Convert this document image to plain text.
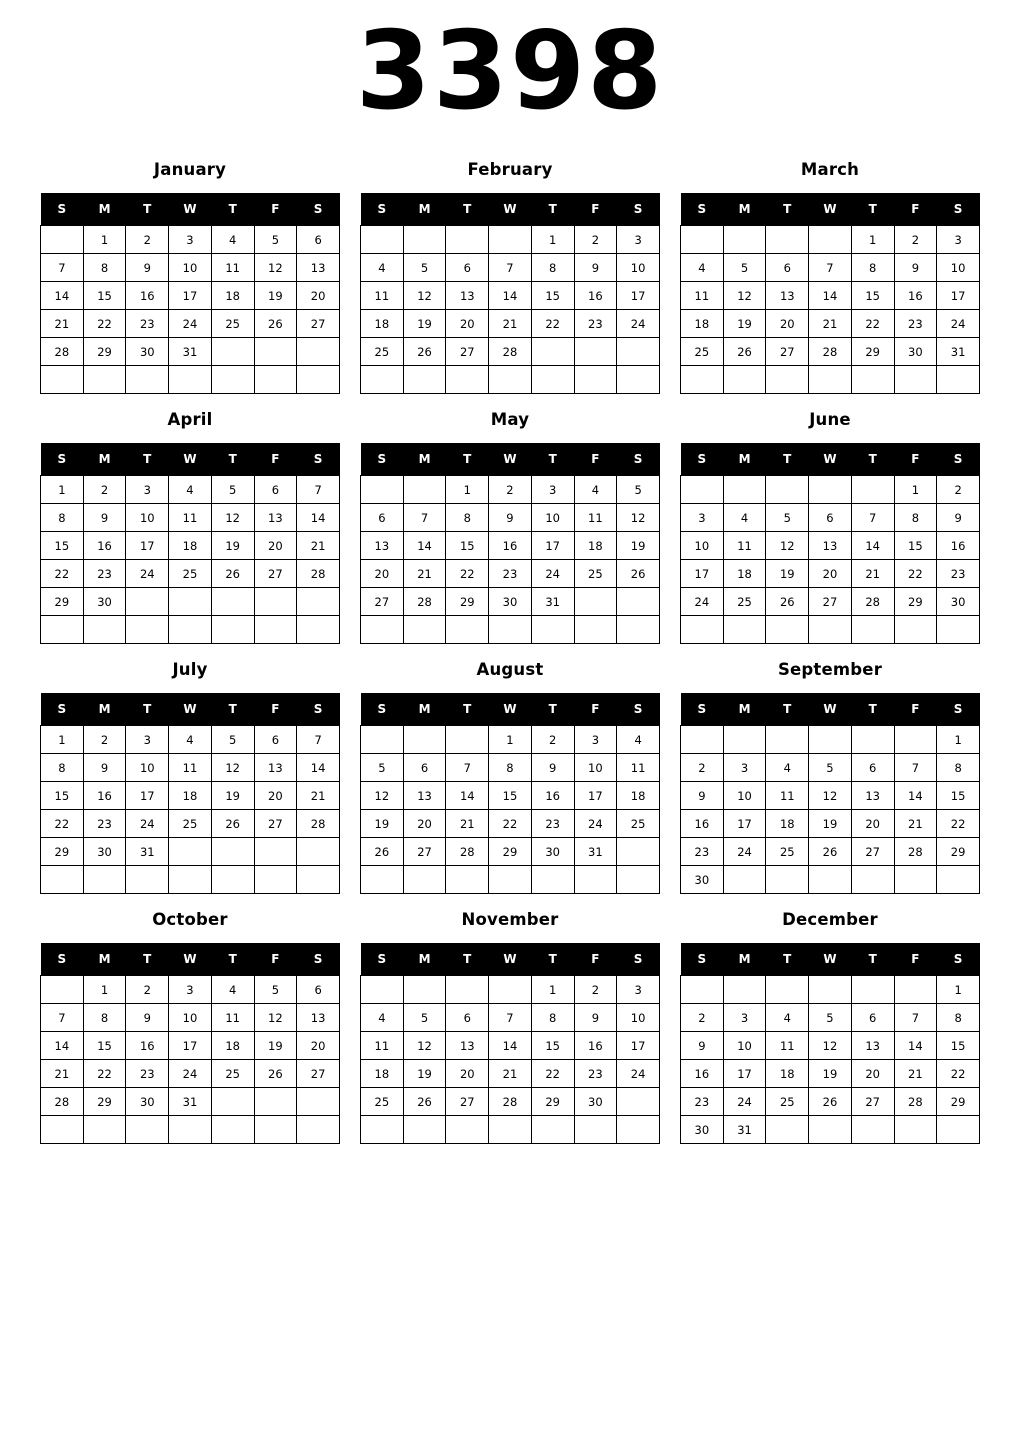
3398
January
S	M	T	W	T	F	S
	1	2	3	4	5	6
7	8	9	10	11	12	13
14	15	16	17	18	19	20
21	22	23	24	25	26	27
28	29	30	31			

February
S	M	T	W	T	F	S
				1	2	3
4	5	6	7	8	9	10
11	12	13	14	15	16	17
18	19	20	21	22	23	24
25	26	27	28			

March
S	M	T	W	T	F	S
				1	2	3
4	5	6	7	8	9	10
11	12	13	14	15	16	17
18	19	20	21	22	23	24
25	26	27	28	29	30	31

April
S	M	T	W	T	F	S
1	2	3	4	5	6	7
8	9	10	11	12	13	14
15	16	17	18	19	20	21
22	23	24	25	26	27	28
29	30					

May
S	M	T	W	T	F	S
		1	2	3	4	5
6	7	8	9	10	11	12
13	14	15	16	17	18	19
20	21	22	23	24	25	26
27	28	29	30	31		

June
S	M	T	W	T	F	S
					1	2
3	4	5	6	7	8	9
10	11	12	13	14	15	16
17	18	19	20	21	22	23
24	25	26	27	28	29	30

July
S	M	T	W	T	F	S
1	2	3	4	5	6	7
8	9	10	11	12	13	14
15	16	17	18	19	20	21
22	23	24	25	26	27	28
29	30	31				

August
S	M	T	W	T	F	S
			1	2	3	4
5	6	7	8	9	10	11
12	13	14	15	16	17	18
19	20	21	22	23	24	25
26	27	28	29	30	31	

September
S	M	T	W	T	F	S
						1
2	3	4	5	6	7	8
9	10	11	12	13	14	15
16	17	18	19	20	21	22
23	24	25	26	27	28	29
30						
October
S	M	T	W	T	F	S
	1	2	3	4	5	6
7	8	9	10	11	12	13
14	15	16	17	18	19	20
21	22	23	24	25	26	27
28	29	30	31			

November
S	M	T	W	T	F	S
				1	2	3
4	5	6	7	8	9	10
11	12	13	14	15	16	17
18	19	20	21	22	23	24
25	26	27	28	29	30	

December
S	M	T	W	T	F	S
						1
2	3	4	5	6	7	8
9	10	11	12	13	14	15
16	17	18	19	20	21	22
23	24	25	26	27	28	29
30	31					
